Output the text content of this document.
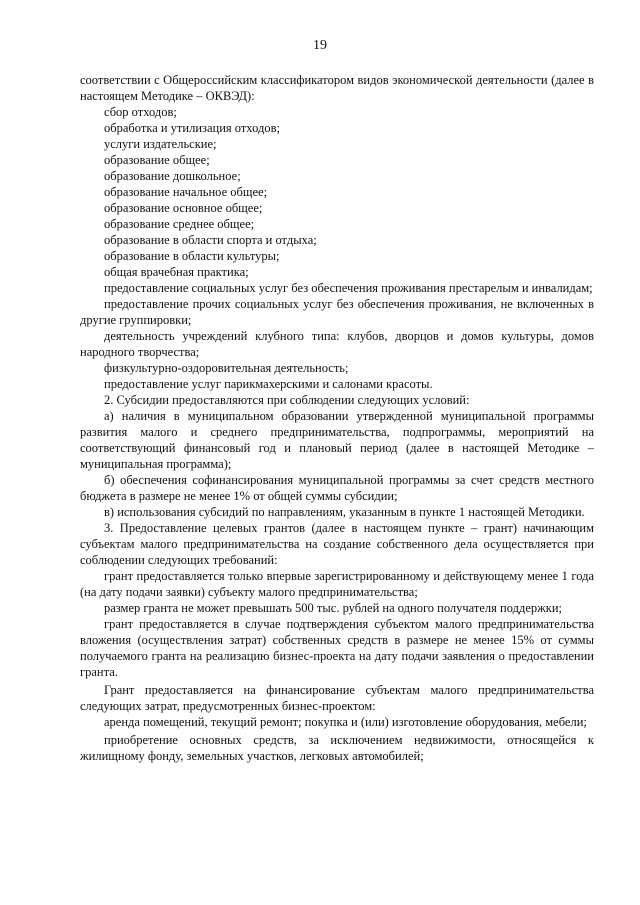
19

соответствии с Общероссийским классификатором видов экономической деятельности (далее в настоящем Методике – ОКВЭД):

сбор отходов;

обработка и утилизация отходов;

услуги издательские;

образование общее;

образование дошкольное;

образование начальное общее;

образование основное общее;

образование среднее общее;

образование в области спорта и отдыха;

образование в области культуры;

общая врачебная практика;

предоставление социальных услуг без обеспечения проживания престарелым и инвалидам;

предоставление прочих социальных услуг без обеспечения проживания, не включенных в другие группировки;

деятельность учреждений клубного типа: клубов, дворцов и домов культуры, домов народного творчества;

физкультурно-оздоровительная деятельность;

предоставление услуг парикмахерскими и салонами красоты.

2. Субсидии предоставляются при соблюдении следующих условий:

а) наличия в муниципальном образовании утвержденной муниципальной программы развития малого и среднего предпринимательства, подпрограммы, мероприятий на соответствующий финансовый год и плановый период (далее в настоящей Методике – муниципальная программа);

б) обеспечения софинансирования муниципальной программы за счет средств местного бюджета в размере не менее 1% от общей суммы субсидии;

в) использования субсидий по направлениям, указанным в пункте 1 настоящей Методики.

3. Предоставление целевых грантов (далее в настоящем пункте – грант) начинающим субъектам малого предпринимательства на создание собственного дела осуществляется при соблюдении следующих требований:

грант предоставляется только впервые зарегистрированному и действующему менее 1 года (на дату подачи заявки) субъекту малого предпринимательства;

размер гранта не может превышать 500 тыс. рублей на одного получателя поддержки;

грант предоставляется в случае подтверждения субъектом малого предпринимательства вложения (осуществления затрат) собственных средств в размере не менее 15% от суммы получаемого гранта на реализацию бизнес-проекта на дату подачи заявления о предоставлении гранта.

Грант предоставляется на финансирование субъектам малого предпринимательства следующих затрат, предусмотренных бизнес-проектом:

аренда помещений, текущий ремонт; покупка и (или) изготовление оборудования, мебели;

приобретение основных средств, за исключением недвижимости, относящейся к жилищному фонду, земельных участков, легковых автомобилей;
